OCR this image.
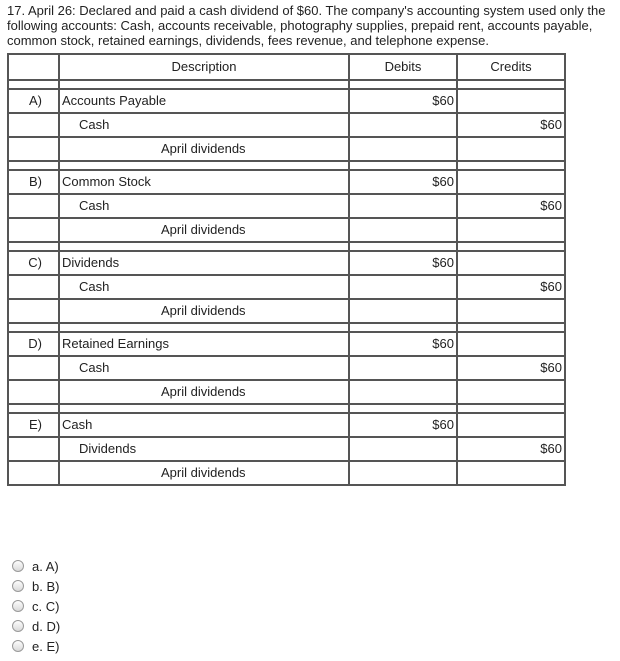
17. April 26: Declared and paid a cash dividend of $60. The company's accounting system used only the following accounts: Cash, accounts receivable, photography supplies, prepaid rent, accounts payable, common stock, retained earnings, dividends, fees revenue, and telephone expense.
	Description	Debits	Credits

A)	Accounts Payable	$60	
	Cash		$60
	April dividends		

B)	Common Stock	$60	
	Cash		$60
	April dividends		

C)	Dividends	$60	
	Cash		$60
	April dividends		

D)	Retained Earnings	$60	
	Cash		$60
	April dividends		

E)	Cash	$60	
	Dividends		$60
	April dividends		
a. A)
b. B)
c. C)
d. D)
e. E)
